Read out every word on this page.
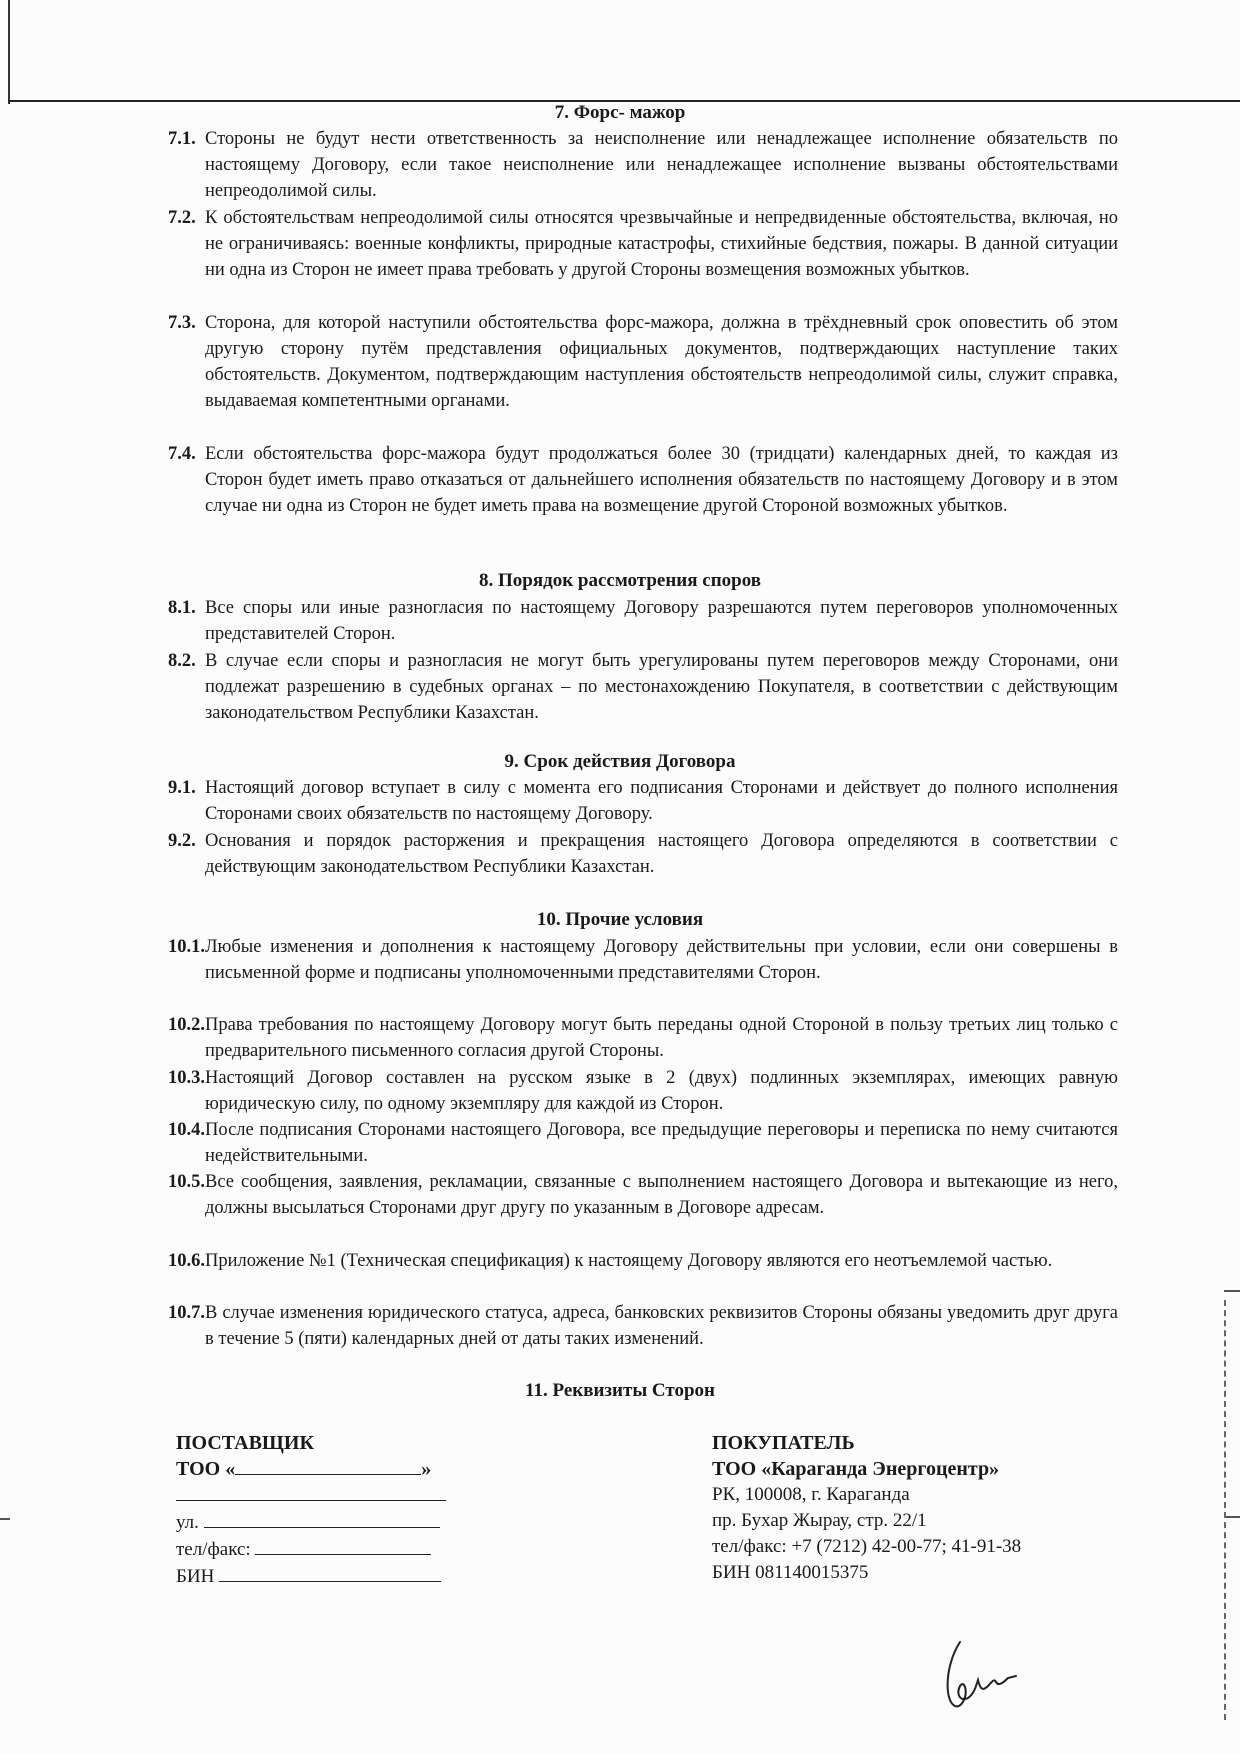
7. Форс- мажор
7.1. Стороны не будут нести ответственность за неисполнение или ненадлежащее исполнение обязательств по настоящему Договору, если такое неисполнение или ненадлежащее исполнение вызваны обстоятельствами непреодолимой силы.
7.2. К обстоятельствам непреодолимой силы относятся чрезвычайные и непредвиденные обстоятельства, включая, но не ограничиваясь: военные конфликты, природные катастрофы, стихийные бедствия, пожары. В данной ситуации ни одна из Сторон не имеет права требовать у другой Стороны возмещения возможных убытков.
7.3. Сторона, для которой наступили обстоятельства форс-мажора, должна в трёхдневный срок оповестить об этом другую сторону путём представления официальных документов, подтверждающих наступление таких обстоятельств. Документом, подтверждающим наступления обстоятельств непреодолимой силы, служит справка, выдаваемая компетентными органами.
7.4. Если обстоятельства форс-мажора будут продолжаться более 30 (тридцати) календарных дней, то каждая из Сторон будет иметь право отказаться от дальнейшего исполнения обязательств по настоящему Договору и в этом случае ни одна из Сторон не будет иметь права на возмещение другой Стороной возможных убытков.
8. Порядок рассмотрения споров
8.1. Все споры или иные разногласия по настоящему Договору разрешаются путем переговоров уполномоченных представителей Сторон.
8.2. В случае если споры и разногласия не могут быть урегулированы путем переговоров между Сторонами, они подлежат разрешению в судебных органах – по местонахождению Покупателя, в соответствии с действующим законодательством Республики Казахстан.
9. Срок действия Договора
9.1. Настоящий договор вступает в силу с момента его подписания Сторонами и действует до полного исполнения Сторонами своих обязательств по настоящему Договору.
9.2. Основания и порядок расторжения и прекращения настоящего Договора определяются в соответствии с действующим законодательством Республики Казахстан.
10. Прочие условия
10.1. Любые изменения и дополнения к настоящему Договору действительны при условии, если они совершены в письменной форме и подписаны уполномоченными представителями Сторон.
10.2. Права требования по настоящему Договору могут быть переданы одной Стороной в пользу третьих лиц только с предварительного письменного согласия другой Стороны.
10.3. Настоящий Договор составлен на русском языке в 2 (двух) подлинных экземплярах, имеющих равную юридическую силу, по одному экземпляру для каждой из Сторон.
10.4. После подписания Сторонами настоящего Договора, все предыдущие переговоры и переписка по нему считаются недействительными.
10.5. Все сообщения, заявления, рекламации, связанные с выполнением настоящего Договора и вытекающие из него, должны высылаться Сторонами друг другу по указанным в Договоре адресам.
10.6. Приложение №1 (Техническая спецификация) к настоящему Договору являются его неотъемлемой частью.
10.7. В случае изменения юридического статуса, адреса, банковских реквизитов Стороны обязаны уведомить друг друга в течение 5 (пяти) календарных дней от даты таких изменений.
11. Реквизиты Сторон
ПОСТАВЩИК
ТОО «	»
ул.
тел/факс:
БИН
ПОКУПАТЕЛЬ
ТОО «Караганда Энергоцентр»
РК, 100008, г. Караганда
пр. Бухар Жырау, стр. 22/1
тел/факс: +7 (7212) 42-00-77; 41-91-38
БИН 081140015375
